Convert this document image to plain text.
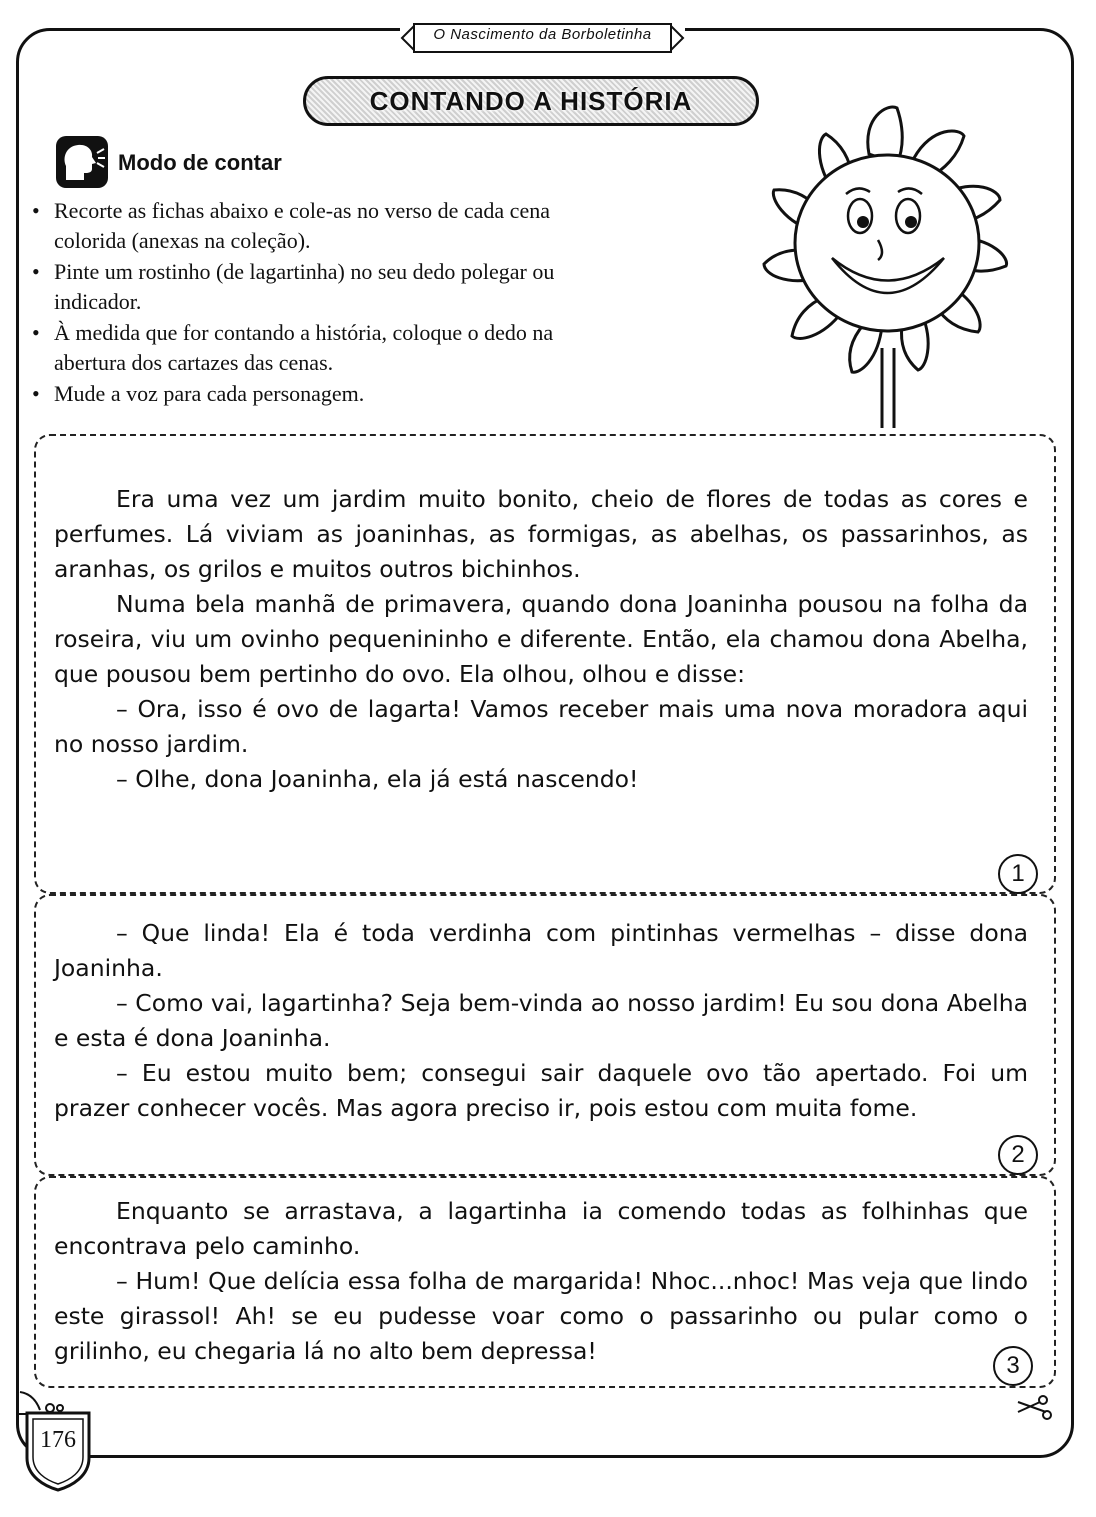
O Nascimento da Borboletinha
CONTANDO A HISTÓRIA
Modo de contar
• Recorte as fichas abaixo e cole-as no verso de cada cena colorida (anexas na coleção).
• Pinte um rostinho (de lagartinha) no seu dedo polegar ou indicador.
• À medida que for contando a história, coloque o dedo na abertura dos cartazes das cenas.
• Mude a voz para cada personagem.

Era uma vez um jardim muito bonito, cheio de flores de todas as cores e perfumes. Lá viviam as joaninhas, as formigas, as abelhas, os passarinhos, as aranhas, os grilos e muitos outros bichinhos.

Numa bela manhã de primavera, quando dona Joaninha pousou na folha da roseira, viu um ovinho pequenininho e diferente. Então, ela chamou dona Abelha, que pousou bem pertinho do ovo. Ela olhou, olhou e disse:

– Ora, isso é ovo de lagarta! Vamos receber mais uma nova moradora aqui no nosso jardim.

– Olhe, dona Joaninha, ela já está nascendo!

1

– Que linda! Ela é toda verdinha com pintinhas vermelhas – disse dona Joaninha.

– Como vai, lagartinha? Seja bem-vinda ao nosso jardim! Eu sou dona Abelha e esta é dona Joaninha.

– Eu estou muito bem; consegui sair daquele ovo tão apertado. Foi um prazer conhecer vocês. Mas agora preciso ir, pois estou com muita fome.

2

Enquanto se arrastava, a lagartinha ia comendo todas as folhinhas que encontrava pelo caminho.

– Hum! Que delícia essa folha de margarida! Nhoc...nhoc! Mas veja que lindo este girassol! Ah! se eu pudesse voar como o passarinho ou pular como o grilinho, eu chegaria lá no alto bem depressa!

3
176
